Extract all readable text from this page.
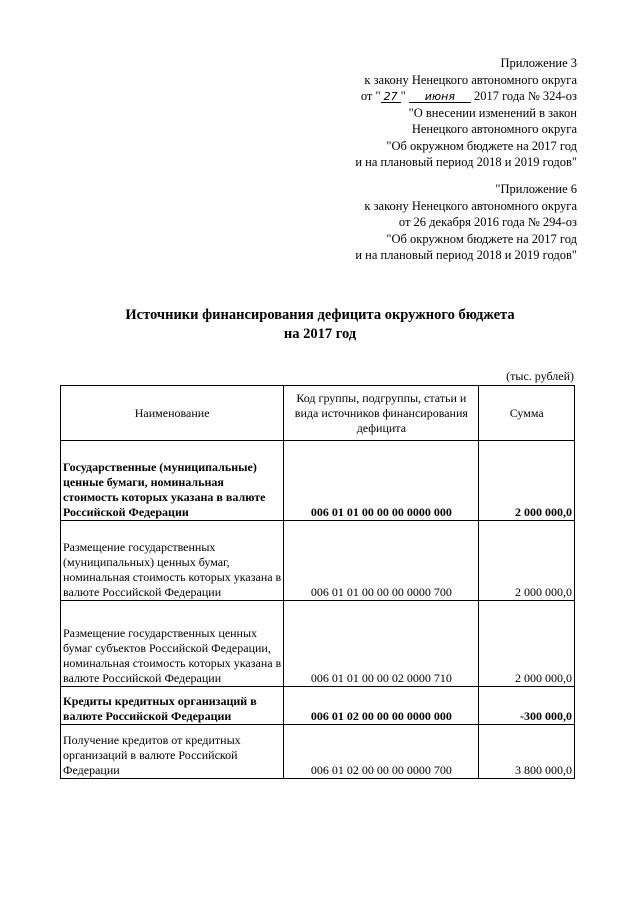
Приложение 3
к закону Ненецкого автономного округа
от " 27 " июня 2017 года № 324-оз
"О внесении изменений в закон
Ненецкого автономного округа
"Об окружном бюджете на 2017 год
и на плановый период 2018 и 2019 годов"
"Приложение 6
к закону Ненецкого автономного округа
от 26 декабря 2016 года № 294-оз
"Об окружном бюджете на 2017 год
и на плановый период 2018 и 2019 годов"
Источники финансирования дефицита окружного бюджета
на 2017 год
(тыс. рублей)
Наименование	Код группы, подгруппы, статьи и вида источников финансирования дефицита	Сумма
Государственные (муниципальные) ценные бумаги, номинальная стоимость которых указана в валюте Российской Федерации	006 01 01 00 00 00 0000 000	2 000 000,0
Размещение государственных (муниципальных) ценных бумаг, номинальная стоимость которых указана в валюте Российской Федерации	006 01 01 00 00 00 0000 700	2 000 000,0
Размещение государственных ценных бумаг субъектов Российской Федерации, номинальная стоимость которых указана в валюте Российской Федерации	006 01 01 00 00 02 0000 710	2 000 000,0
Кредиты кредитных организаций в валюте Российской Федерации	006 01 02 00 00 00 0000 000	-300 000,0
Получение кредитов от кредитных организаций в валюте Российской Федерации	006 01 02 00 00 00 0000 700	3 800 000,0
